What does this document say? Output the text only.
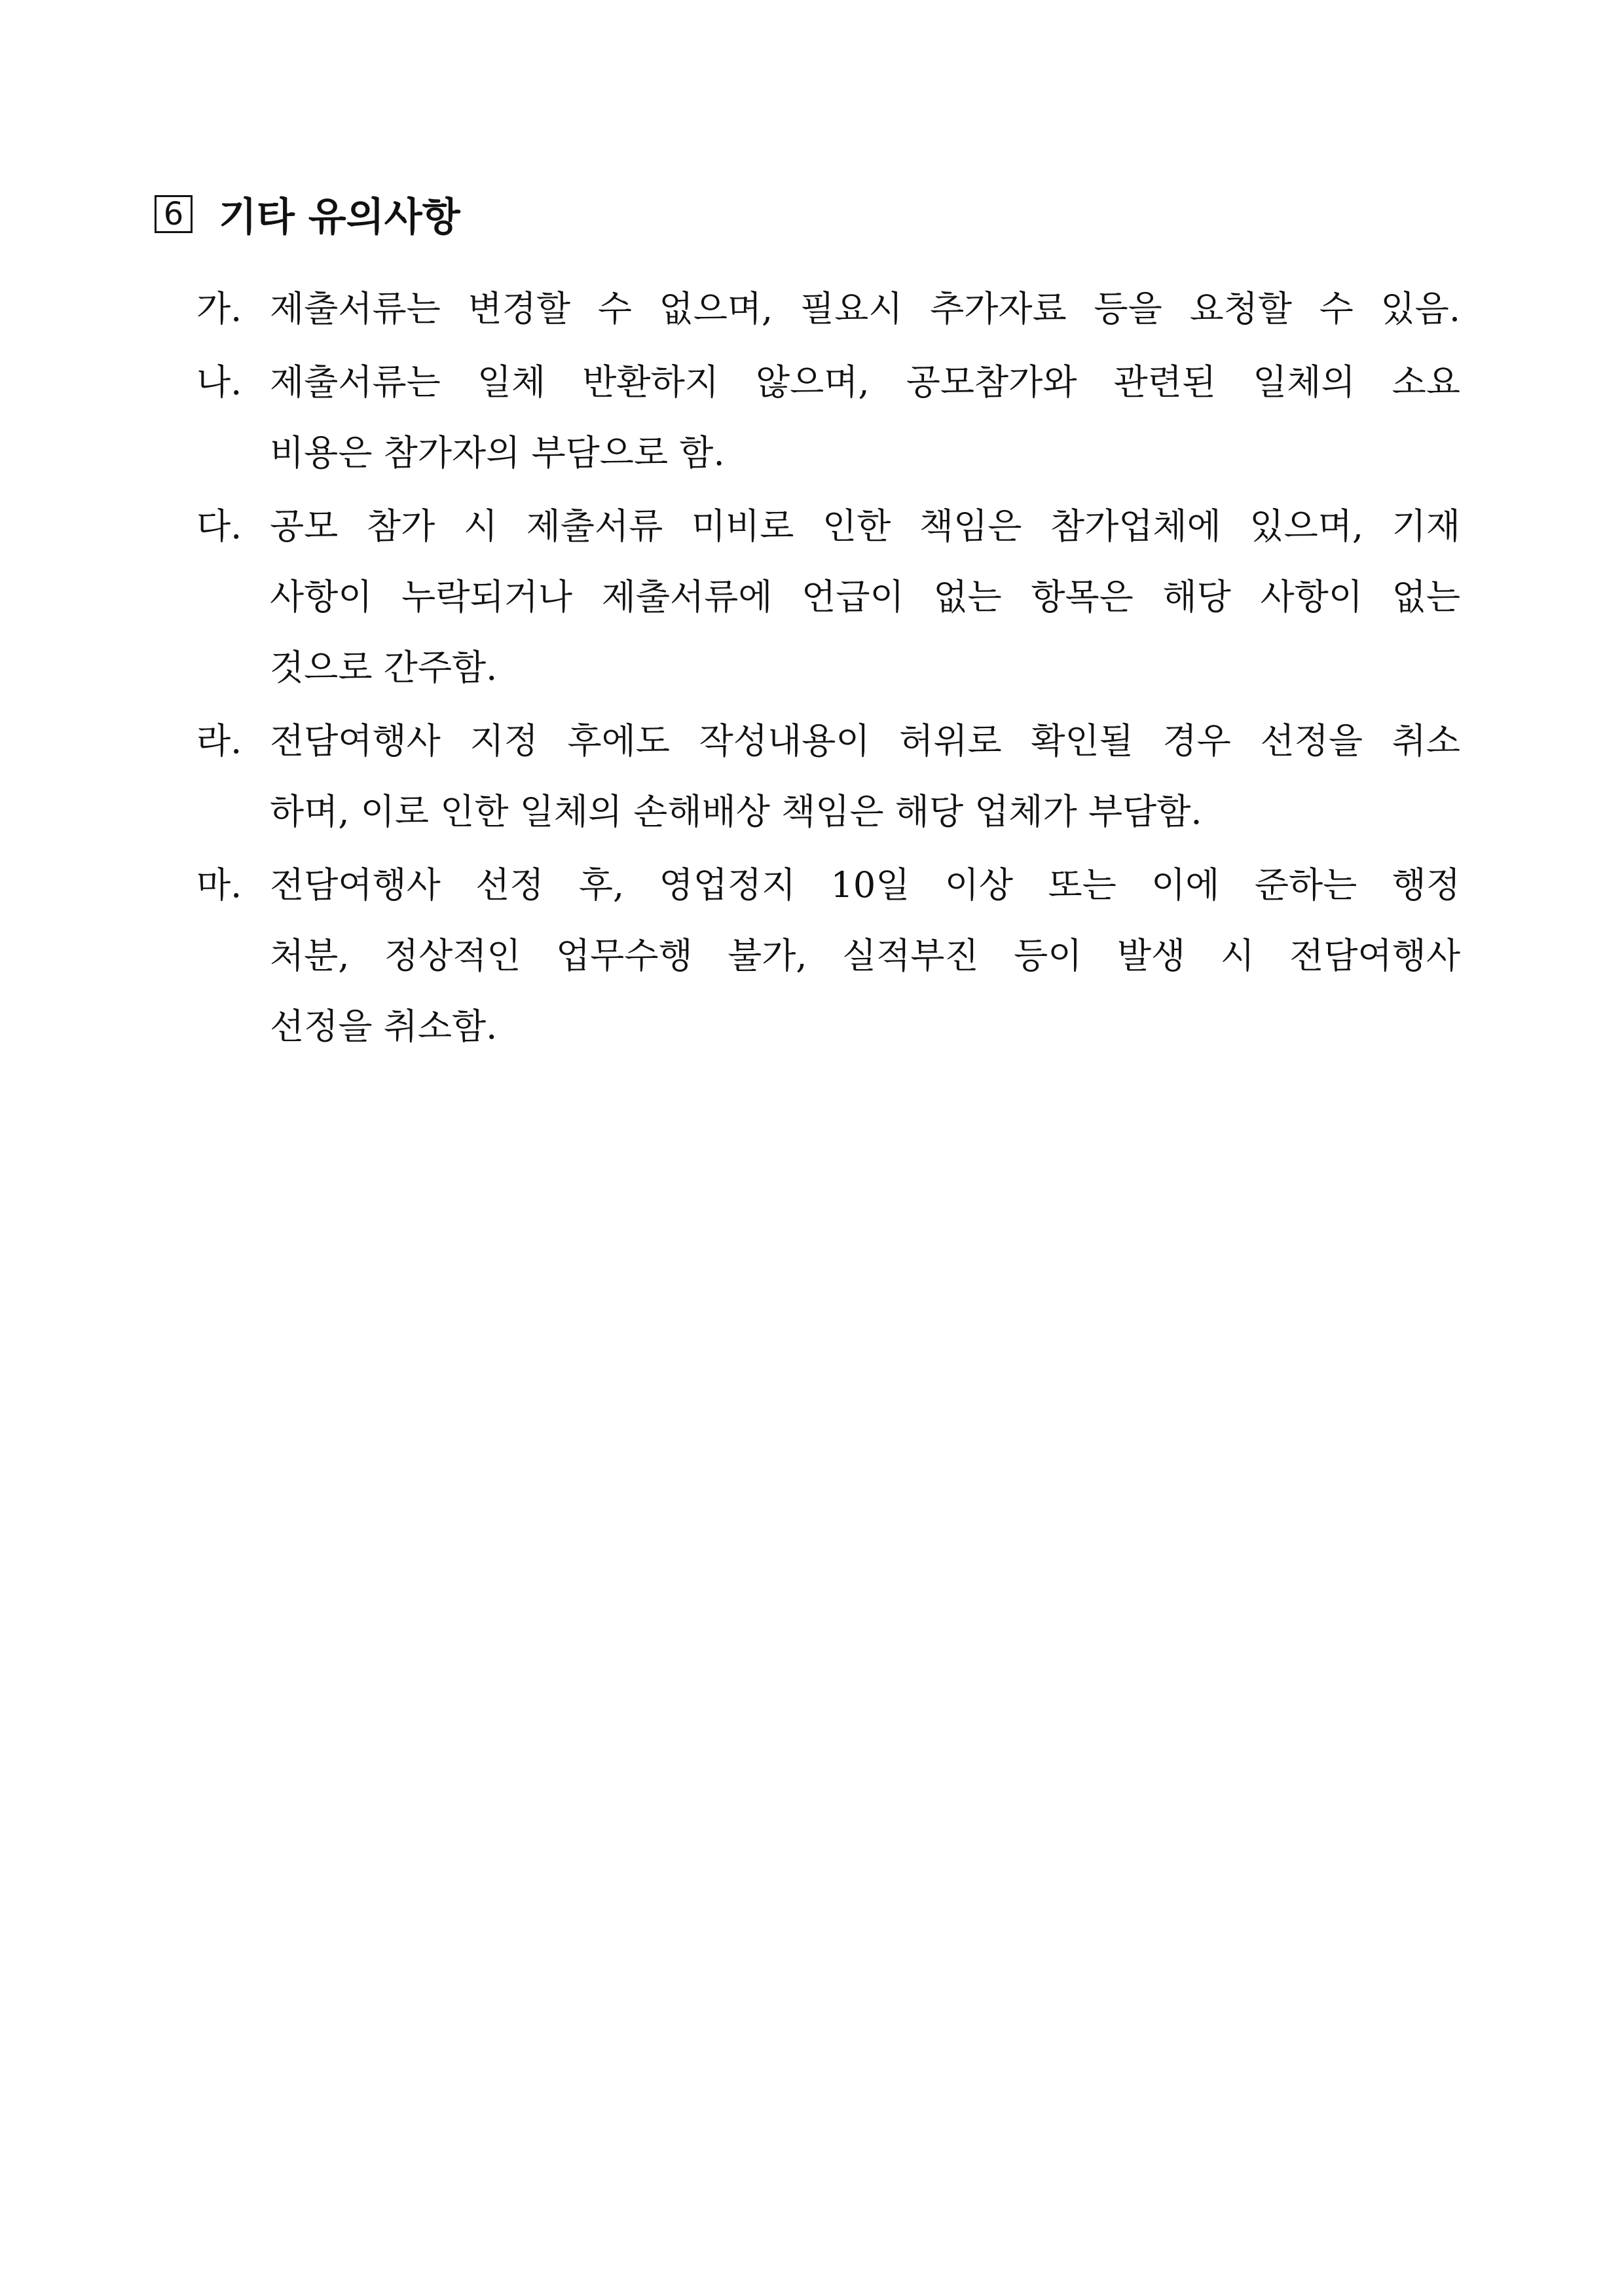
6 기타 유의사항
가. 제출서류는 변경할 수 없으며, 필요시 추가자료 등을 요청할 수 있음.
나. 제출서류는 일체 반환하지 않으며, 공모참가와 관련된 일체의 소요
비용은 참가자의 부담으로 함.
다. 공모 참가 시 제출서류 미비로 인한 책임은 참가업체에 있으며, 기재
사항이 누락되거나 제출서류에 언급이 없는 항목은 해당 사항이 없는
것으로 간주함.
라. 전담여행사 지정 후에도 작성내용이 허위로 확인될 경우 선정을 취소
하며, 이로 인한 일체의 손해배상 책임은 해당 업체가 부담함.
마. 전담여행사 선정 후, 영업정지 10일 이상 또는 이에 준하는 행정
처분, 정상적인 업무수행 불가, 실적부진 등이 발생 시 전담여행사
선정을 취소함.
